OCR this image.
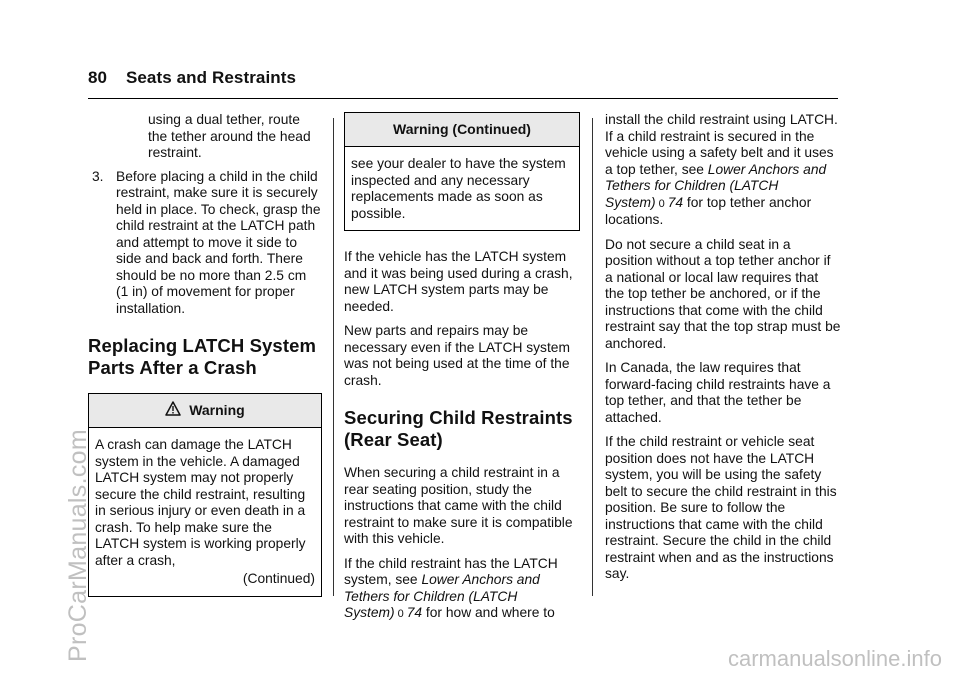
80 Seats and Restraints
using a dual tether, route the tether around the head restraint.
3. Before placing a child in the child restraint, make sure it is securely held in place. To check, grasp the child restraint at the LATCH path and attempt to move it side to side and back and forth. There should be no more than 2.5 cm (1 in) of movement for proper installation.
Replacing LATCH System Parts After a Crash
Warning

A crash can damage the LATCH system in the vehicle. A damaged LATCH system may not properly secure the child restraint, resulting in serious injury or even death in a crash. To help make sure the LATCH system is working properly after a crash,

(Continued)
Warning (Continued)

see your dealer to have the system inspected and any necessary replacements made as soon as possible.

If the vehicle has the LATCH system and it was being used during a crash, new LATCH system parts may be needed.

New parts and repairs may be necessary even if the LATCH system was not being used at the time of the crash.

Securing Child Restraints (Rear Seat)

When securing a child restraint in a rear seating position, study the instructions that came with the child restraint to make sure it is compatible with this vehicle.

If the child restraint has the LATCH system, see Lower Anchors and Tethers for Children (LATCH System) 0 74 for how and where to

install the child restraint using LATCH. If a child restraint is secured in the vehicle using a safety belt and it uses a top tether, see Lower Anchors and Tethers for Children (LATCH System) 0 74 for top tether anchor locations.

Do not secure a child seat in a position without a top tether anchor if a national or local law requires that the top tether be anchored, or if the instructions that come with the child restraint say that the top strap must be anchored.

In Canada, the law requires that forward-facing child restraints have a top tether, and that the tether be attached.

If the child restraint or vehicle seat position does not have the LATCH system, you will be using the safety belt to secure the child restraint in this position. Be sure to follow the instructions that came with the child restraint. Secure the child in the child restraint when and as the instructions say.

ProCarManuals.com	carmanualsonline.info
